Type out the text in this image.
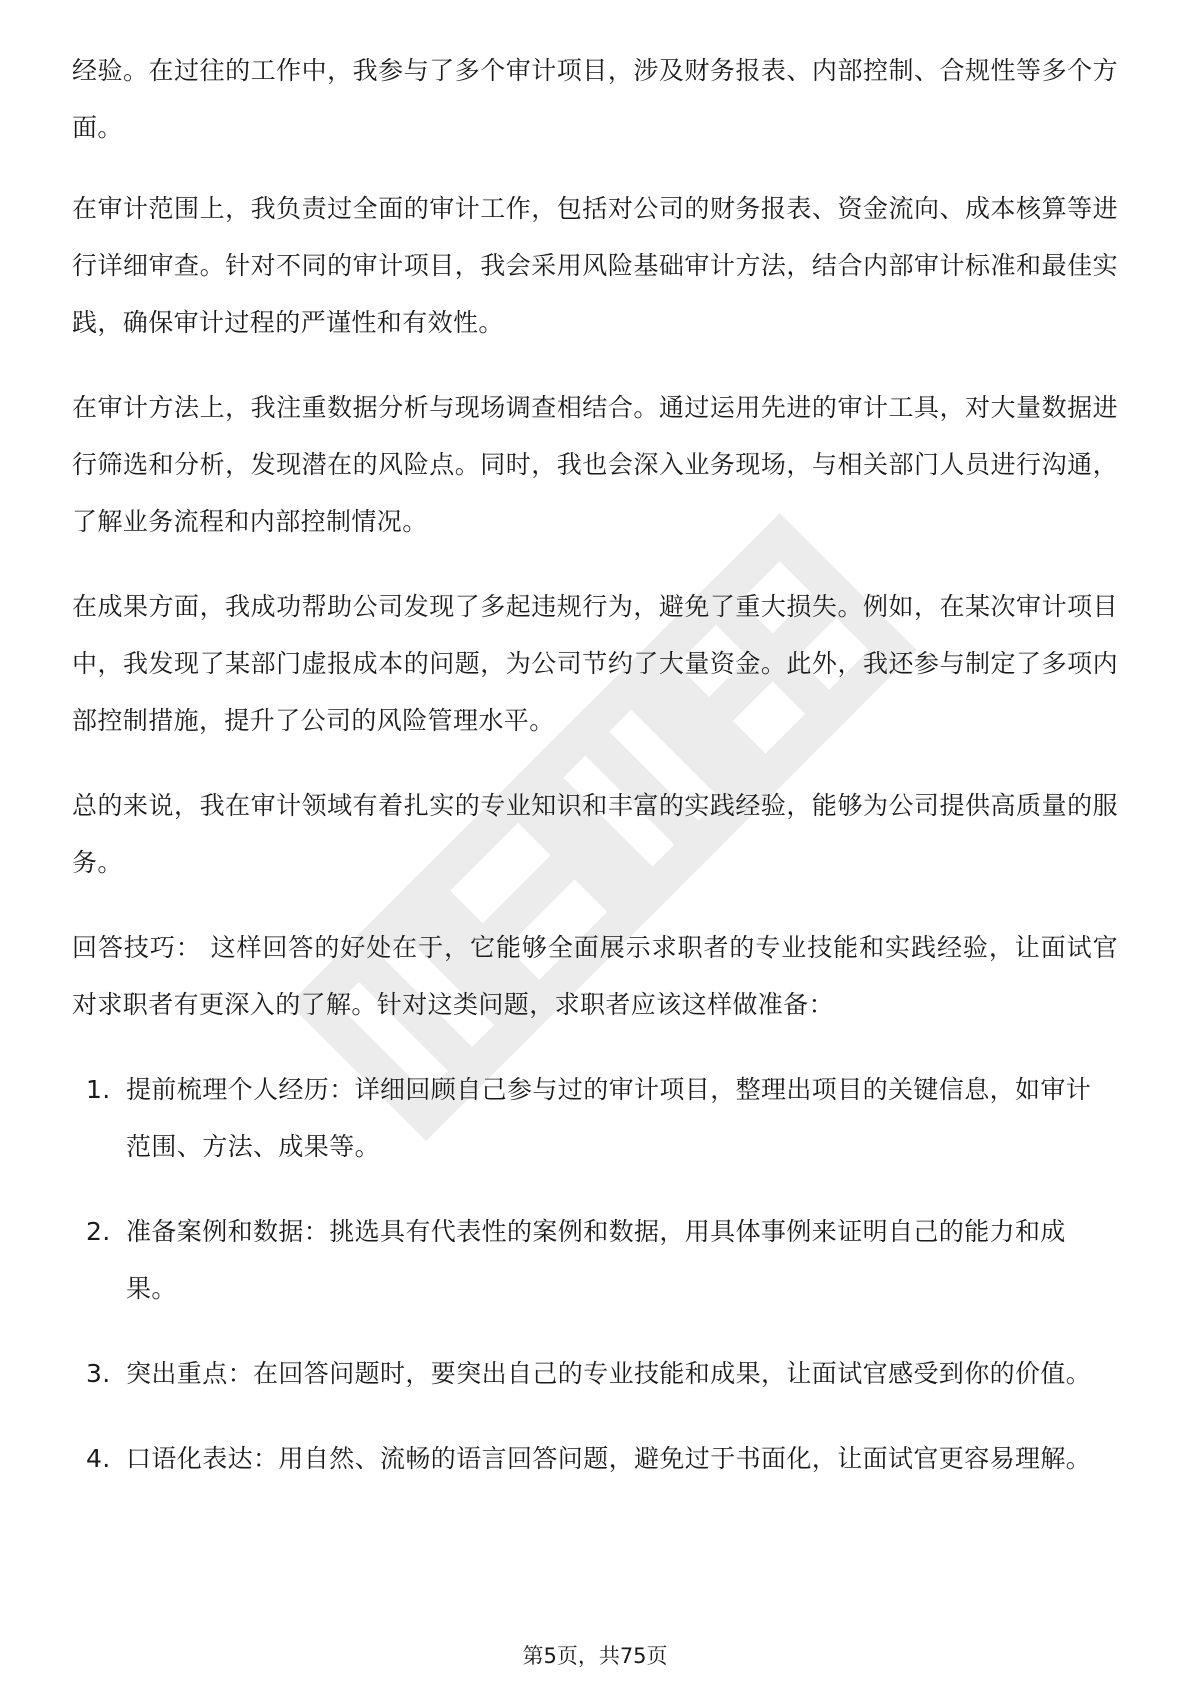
经验。在过往的工作中，我参与了多个审计项目，涉及财务报表、内部控制、合规性等多个方面。

在审计范围上，我负责过全面的审计工作，包括对公司的财务报表、资金流向、成本核算等进行详细审查。针对不同的审计项目，我会采用风险基础审计方法，结合内部审计标准和最佳实践，确保审计过程的严谨性和有效性。

在审计方法上，我注重数据分析与现场调查相结合。通过运用先进的审计工具，对大量数据进行筛选和分析，发现潜在的风险点。同时，我也会深入业务现场，与相关部门人员进行沟通，了解业务流程和内部控制情况。

在成果方面，我成功帮助公司发现了多起违规行为，避免了重大损失。例如，在某次审计项目中，我发现了某部门虚报成本的问题，为公司节约了大量资金。此外，我还参与制定了多项内部控制措施，提升了公司的风险管理水平。

总的来说，我在审计领域有着扎实的专业知识和丰富的实践经验，能够为公司提供高质量的服务。

回答技巧： 这样回答的好处在于，它能够全面展示求职者的专业技能和实践经验，让面试官对求职者有更深入的了解。针对这类问题，求职者应该这样做准备：

1. 提前梳理个人经历：详细回顾自己参与过的审计项目，整理出项目的关键信息，如审计范围、方法、成果等。
2. 准备案例和数据：挑选具有代表性的案例和数据，用具体事例来证明自己的能力和成果。
3. 突出重点：在回答问题时，要突出自己的专业技能和成果，让面试官感受到你的价值。
4. 口语化表达：用自然、流畅的语言回答问题，避免过于书面化，让面试官更容易理解。
第5页，共75页
